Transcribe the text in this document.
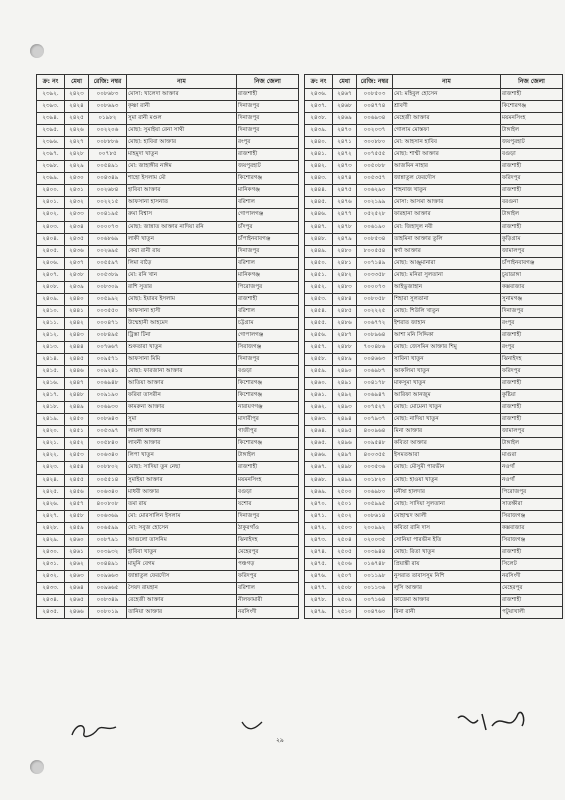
ক্র: নং	মেধা	রেজি: নম্বর	নাম	নিজ জেলা
২৩৯২.	২৪২৩	০০৮৬৮৩	মোসা: খালেদা আক্তার	রাজশাহী
২৩৯৩.	২৪২৪	০০৮৬৯৩	কৃষ্ণা রানী	দিনাজপুর
২৩৯৪.	২৪২৫	০১৯৮২	সুমা রানী মণ্ডল	দিনাজপুর
২৩৯৫.	২৪২৬	০০২২০৬	মোছা: সুমাইয়া রেনা সাথী	দিনাজপুর
২৩৯৬.	২৪২৭	০০৮৮৮৬	মোছা: হাবিবা আক্তার	রংপুর
২৩৯৭.	২৪২৮	০০৭৮৫	মাহমুদা খাতুন	রাজশাহী
২৩৯৮.	২৪২৯	০০৫৪৯১	মো: জাহাঙ্গীর নাঈম	জয়পুরহাট
২৩৯৯.	২৪৩০	০০৪৩৪৯	শাহো ইসলাম মৌ	কিশোরগঞ্জ
২৪০০.	২৪৩১	০০২৬৮৪	হাবিবা আক্তার	মানিকগঞ্জ
২৪০১.	২৪৩২	০০২২১৫	আফসানা হাসনাত	বরিশাল
২৪০২.	২৪৩৩	০০৪১৯৫	রুমা বিশ্বাস	গোপালগঞ্জ
২৪০৩.	২৪৩৪	০০০০৭৩	মোছা: জান্নাত আক্তার নাদিয়া রনি	চাঁদপুর
২৪০৪.	২৪৩৫	০০৬৮৬৯	লাকী খাতুন	চাঁপাইনবাবগঞ্জ
২৪০৫.	২৪৩৬	০০২৬৯৫	কেয়া রানী রায়	দিনাজপুর
২৪০৬.	২৪৩৭	০০৫৫৯৭	লিমা বাড়ৈ	বরিশাল
২৪০৭.	২৪৩৮	০০৫৩৮৯	মো: রনি খান	মানিকগঞ্জ
২৪০৮.	২৪৩৯	০০৮৩০৯	রাশি সুতার	পিরোজপুর
২৪০৯.	২৪৪০	০০৫৯৯২	মোছা: ইয়ারব ইসলাম	রাজশাহী
২৪১০.	২৪৪১	০০৩৫৫০	আফসানা হাসী	বরিশাল
২৪১১.	২৪৪২	০০০৪৭১	উম্মেহানী আহমেদ	চট্টগ্রাম
২৪১২.	২৪৪৩	০০৮৪৯৫	ট্রিস্তা টিনা	গোপালগঞ্জ
২৪১৩.	২৪৪৪	০০৭৬৬৭	শুকতারা খাতুন	সিরাজগঞ্জ
২৪১৪.	২৪৪৫	০০৯৫৭১	আফসানা মিমি	দিনাজপুর
২৪১৫.	২৪৪৬	০০৯২৪১	মোছা: ফারজানা আক্তার	বগুড়া
২৪১৬.	২৪৪৭	০০৬৯৪৮	আতিয়া আক্তার	কিশোরগঞ্জ
২৪১৭.	২৪৪৮	০০৯১৯০	ফরিবা তাসরীন	কিশোরগঞ্জ
২৪১৮.	২৪৪৯	০০৬৯৩০	কামরুনা আক্তার	নারায়ণগঞ্জ
২৪১৯.	২৪৫০	০০৮৬৪৩	সুমা	মাদারীপুর
২৪২০.	২৪৫১	০০৫৩৯৭	লায়লা আক্তার	গাজীপুর
২৪২১.	২৪৫২	০০৫৮৪০	লাবনী আক্তার	কিশোরগঞ্জ
২৪২২.	২৪৫৩	০০৬৩৪০	লিপা খাতুন	টাঙ্গাইল
২৪২৩.	২৪৫৪	০০৮৮০২	মোছা: সাদিয়া তুন নেছা	রাজশাহী
২৪২৪.	২৪৫৫	০০৫৫১৪	সুমাইয়া আক্তার	ময়মনসিংহ
২৪২৫.	২৪৫৬	০০৬৩৪০	মাধবী আক্তার	বগুড়া
২৪২৬.	২৪৫৭	৪০০৮০৮	তমা রায়	যশোর
২৪২৭.	২৪৫৮	০০৬৩৬৯	মো: মোরসালিন ইসলাম	দিনাজপুর
২৪২৮.	২৪৫৯	০০৬৫৯৯	মো: সবুজ হোসেন	ঠাকুরগাঁও
২৪২৯.	২৪৬০	০০৮৭৯১	আগুলো তাসনিম	ঝিনাইদহ
২৪৩০.	২৪৬১	০০৩৯৩২	হাবিবা খাতুন	মেহেরপুর
২৪৩১.	২৪৬২	০০৪৪৯১	মামুনি বেগম	পঞ্চগড়
২৪৩২.	২৪৬৩	০০৯৬৬৩	জান্নাতুল ফেরদৌস	ফরিদপুর
২৪৩৩.	২৪৬৪	০০৯৬৬৫	সৈয়দ রায়হান	বরিশাল
২৪৩৪.	২৪৬৫	০০৮৩৪৯	রেহেজী আক্তার	নীলফামারী
২৪৩৫.	২৪৬৬	০০৮০১৯	তানিয়া আক্তার	নরসিংদী
ক্র: নং	মেধা	রেজি: নম্বর	নাম	নিজ জেলা
২৪৩৬.	২৪৬৭	০০৮৫০৩	মো: মহিবুল হোসেন	রাজশাহী
২৪৩৭.	২৪৬৮	০০৪৭৭৪	শ্রাবণী	কিশোরগঞ্জ
২৪৩৮.	২৪৬৯	০০৬৯৩৪	মেহেজী আক্তার	ময়মনসিংহ
২৪৩৯.	২৪৭০	০০২০৩৭	গোলাম মোস্তফা	টাঙ্গাইল
২৪৪০.	২৪৭১	৩০০৮৮০	মো: আহসান হাবিব	জয়পুরহাট
২৪৪১.	২৪৭২	০০৭৫৫৫	মোছা: শাম্মী আক্তার	বগুড়া
২৪৪২.	২৪৭৩	০০৫০৮৮	আজমিন নাহার	রাজশাহী
২৪৪৩.	২৪৭৪	০০৫৩৫৭	জান্নাতুল ফেরদৌস	ফরিদপুর
২৪৪৪.	২৪৭৫	০০৬২৯০	শাহনাজ খাতুন	রাজশাহী
২৪৪৫.	২৪৭৬	০০২১৯৯	মোসা: আসমা আক্তার	বরগুনা
২৪৪৬.	২৪৭৭	০৫২৫২৮	ফারহানা আক্তার	টাঙ্গাইল
২৪৪৭.	২৪৭৮	০০৬১৯০	মো: জিহাদুল নবী	রাজশাহী
২৪৪৮.	২৪৭৯	০০৮৫৩৪	তাহমিনা আক্তার তুলি	কুড়িগ্রাম
২৪৪৯.	২৪৮০	৮০০৫৫৪	স্বর্ণা আক্তার	জামালপুর
২৪৫০.	২৪৮১	০০৭১৪৯	মোছা: আঞ্জুমানারা	চাঁপাইনবাবগঞ্জ
২৪৫১.	২৪৮২	০০৩৩৫৮	মোছা: মনিরা সুলতানা	চুয়াডাঙ্গা
২৪৫২.	২৪৮৩	০০০০৭৩	আইভুজাহান	কক্সবাজার
২৪৫৩.	২৪৮৪	০০৮০৫৮	শিহারা সুলতানা	সুনামগঞ্জ
২৪৫৪.	২৪৮৫	০০২২২৫	মোছা: শিউলি খাতুন	দিনাজপুর
২৪৫৫.	২৪৮৬	০০৬৭৭২	ইশরাত জাহান	রংপুর
২৪৫৬.	২৪৮৭	০০৮৯৬৪	আশা মনি সিদ্দিকা	রাজশাহী
২৪৫৭.	২৪৮৮	৭০০৪৮৬	মোছা: জেসমিন আক্তার শিমু	রংপুর
২৪৫৮.	২৪৮৯	০০৪৬৬৩	সাবিনা খাতুন	ঝিনাইদহ
২৪৫৯.	২৪৯০	০০৬৯৮৭	আকলিমা খাতুন	ফরিদপুর
২৪৬০.	২৪৯১	০০৪১৭৮	মাকসুমা খাতুন	রাজশাহী
২৪৬১.	২৪৯২	০০৬৯৪৭	আরিফা আনজুম	কুষ্টিয়া
২৪৬২.	২৪৯৩	০০৭৫২৭	মোছা: মোমেনা খাতুন	রাজশাহী
২৪৬৩.	২৪৯৪	০০৭৯৩৭	মোছা: নাদিয়া খাতুন	রাজশাহী
২৪৬৪.	২৪৯৫	৪০০৯৬৪	মিনা আক্তার	জামালপুর
২৪৬৫.	২৪৯৬	০০৯৫৪৮	কবিতা আক্তার	টাঙ্গাইল
২৪৬৬.	২৪৯৭	৪০০৩৫৫	ইসমতআরা	মাগুরা
২৪৬৭.	২৪৯৮	০০৩৫৩৬	মোছা: মৌসুমী পারভীন	নওগাঁ
২৪৬৮.	২৪৯৯	০০১৮২৩	মোছা: হাওয়া খাতুন	নওগাঁ
২৪৬৯.	২৫০০	০০৬৯৮০	মনীষা হালদার	পিরোজপুর
২৪৭০.	২৫০১	০০৫৯৯৫	মোছা: সাদিয়া সুলতানা	সাতক্ষীরা
২৪৭১.	২৫০২	০০৮৬১৪	মোহাম্মদ আলী	সিরাজগঞ্জ
২৪৭২.	২৫০৩	২০০৯৯২	কবিতা রানি দাস	কক্সবাজার
২৪৭৩.	২৫০৪	০২০০৩৫	সোনিয়া পারভীন ইতি	সিরাজগঞ্জ
২৪৭৪.	২৫০৫	০০৩৯৪৪	মোছা: রিতা খাতুন	রাজশাহী
২৪৭৫.	২৫০৬	০১৬৭৪৮	প্রিয়াঙ্কী রায়	সিলেট
২৪৭৬.	২৫০৭	০০১১৯৮	নুসরাত তাবাসসুম নিশি	নরসিংদী
২৪৭৭.	২৫০৮	০০১১৩৬	লুসি আক্তার	মেহেরপুর
২৪৭৮.	২৫০৯	০০৭১৬৪	ফাতেমা আক্তার	রাজশাহী
২৪৭৯.	২৫১০	০০৪৭৬০	রিনা রানী	পটুয়াখালী
২৯
